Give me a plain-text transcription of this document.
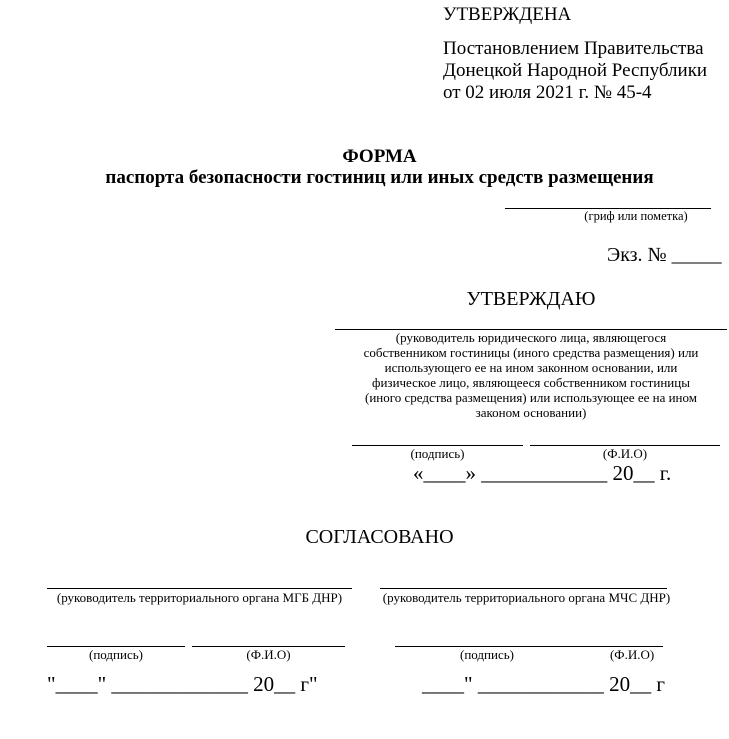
УТВЕРЖДЕНА
Постановлением Правительства
Донецкой Народной Республики
от 02 июля 2021 г. № 45-4
ФОРМА
паспорта безопасности гостиниц или иных средств размещения
(гриф или пометка)
Экз. № _____
УТВЕРЖДАЮ
(руководитель юридического лица, являющегося
собственником гостиницы (иного средства размещения) или
использующего ее на ином законном основании, или
физическое лицо, являющееся собственником гостиницы
(иного средства размещения) или использующее ее на ином
законом основании)
(подпись)	(Ф.И.О)
«____» ____________ 20__ г.
СОГЛАСОВАНО
(руководитель территориального органа МГБ ДНР)
(подпись)	(Ф.И.О)
"____" _____________ 20__ г"
(руководитель территориального органа МЧС ДНР)
(подпись)	(Ф.И.О)
____" ____________ 20__ г
